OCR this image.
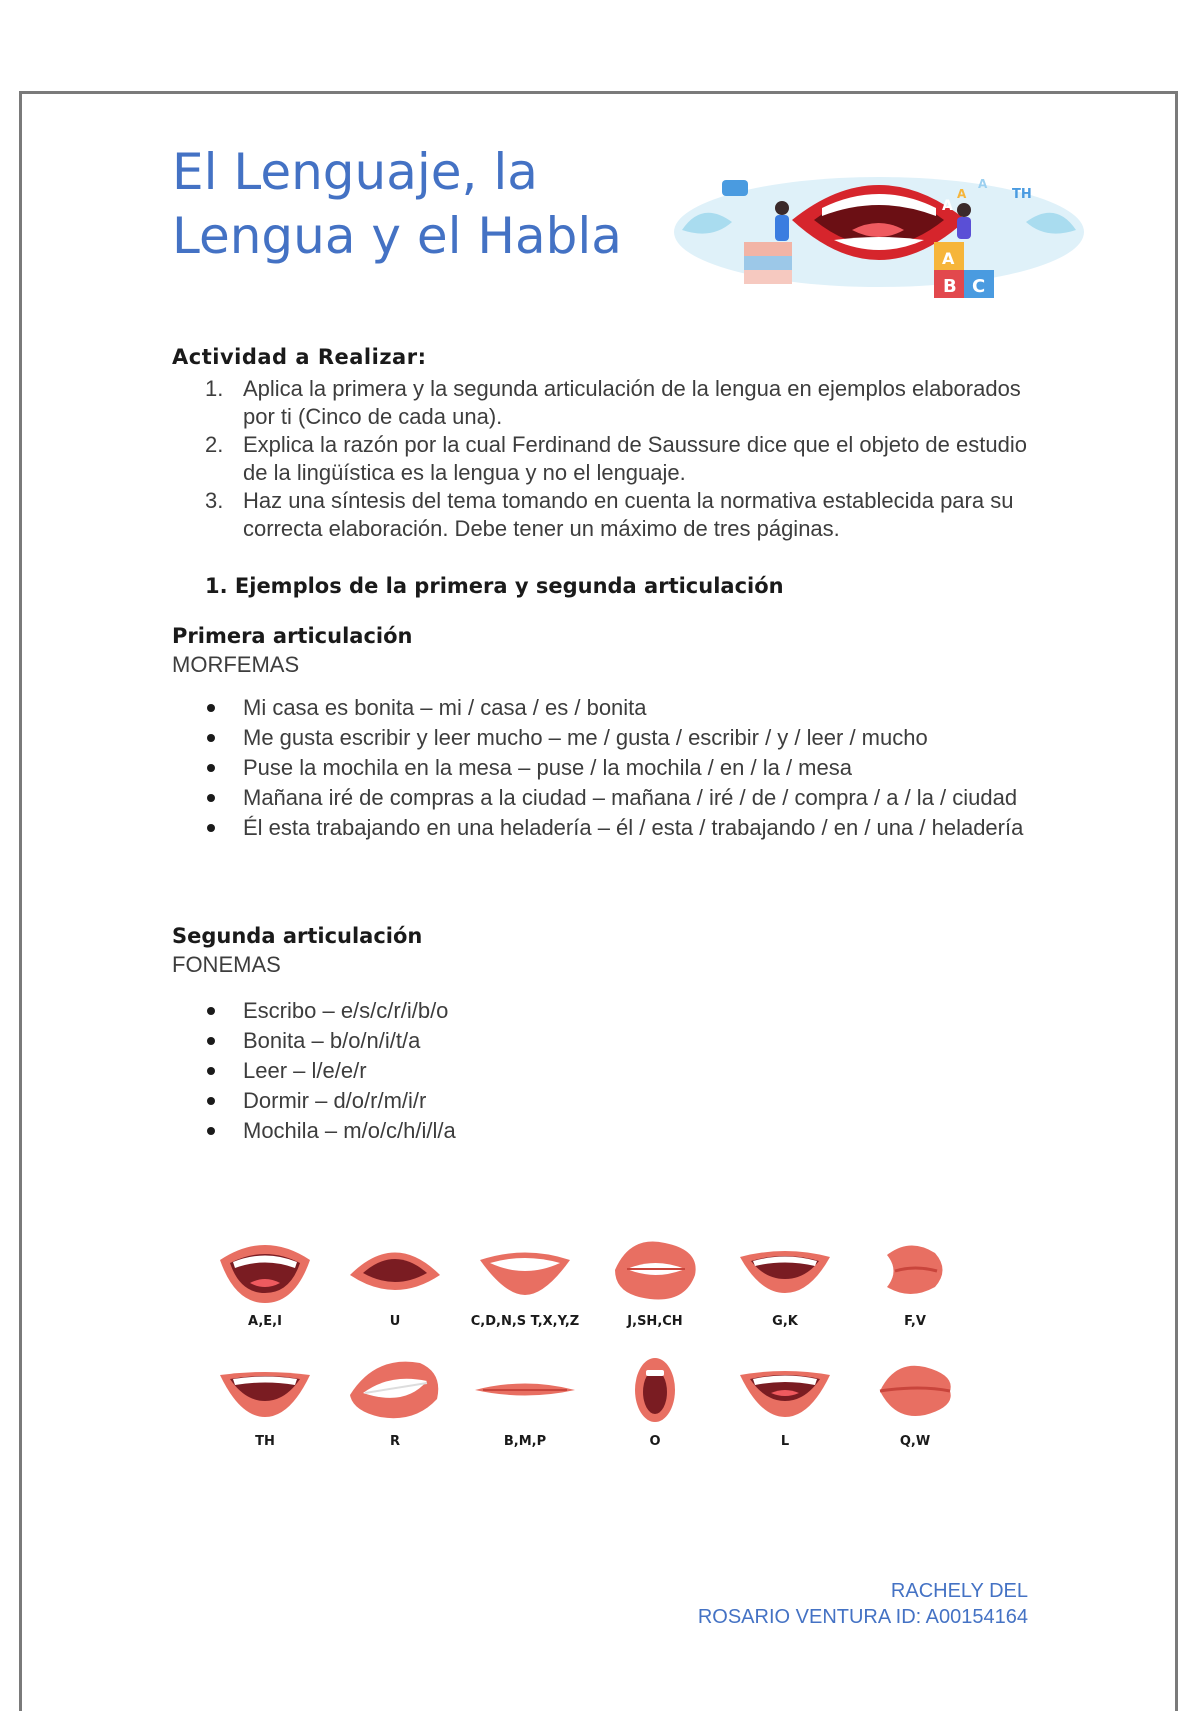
El Lenguaje, la Lengua y el Habla
A
A
A
TH
A
B C
Actividad a Realizar:
1. Aplica la primera y la segunda articulación de la lengua en ejemplos elaborados por ti (Cinco de cada una).
2. Explica la razón por la cual Ferdinand de Saussure dice que el objeto de estudio de la lingüística es la lengua y no el lenguaje.
3. Haz una síntesis del tema tomando en cuenta la normativa establecida para su correcta elaboración. Debe tener un máximo de tres páginas.
1. Ejemplos de la primera y segunda articulación
Primera articulación

MORFEMAS

Mi casa es bonita – mi / casa / es / bonita
Me gusta escribir y leer mucho – me / gusta / escribir / y / leer / mucho
Puse la mochila en la mesa – puse / la mochila / en / la / mesa
Mañana iré de compras a la ciudad – mañana / iré / de / compra / a / la / ciudad
Él esta trabajando en una heladería – él / esta / trabajando / en / una / heladería
Segunda articulación

FONEMAS

Escribo – e/s/c/r/i/b/o
Bonita – b/o/n/i/t/a
Leer – l/e/e/r
Dormir – d/o/r/m/i/r
Mochila – m/o/c/h/i/l/a
A,E,I	U	C,D,N,S T,X,Y,Z	J,SH,CH	G,K	F,V
TH	R	B,M,P	O	L	Q,W
RACHELY DEL
ROSARIO VENTURA ID: A00154164
